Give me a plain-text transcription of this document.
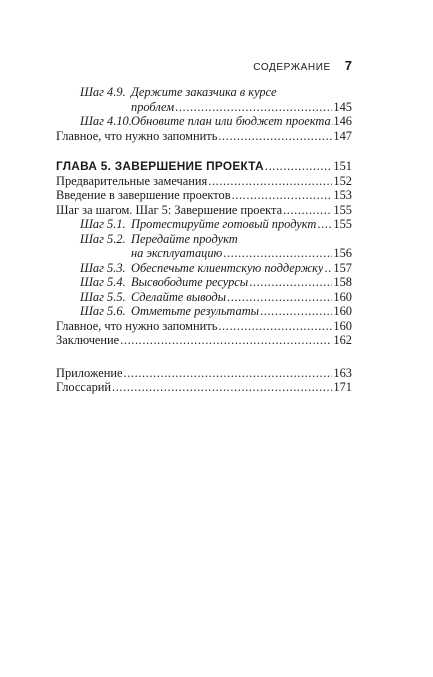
СОДЕРЖАНИЕ 7
Шаг 4.9. Держите заказчика в курсе
проблем .....	145
Шаг 4.10.Обновите план или бюджет проекта ..... 146
Главное, что нужно запомнить .....	147
ГЛАВА 5. ЗАВЕРШЕНИЕ ПРОЕКТА .....	151
Предварительные замечания .....	152
Введение в завершение проектов .....	153
Шаг за шагом. Шаг 5: Завершение проекта .....	155
Шаг 5.1. Протестируйте готовый продукт ..... 155
Шаг 5.2. Передайте продукт
на эксплуатацию .....	156
Шаг 5.3. Обеспечьте клиентскую поддержку ..... 157
Шаг 5.4. Высвободите ресурсы .....	158
Шаг 5.5. Сделайте выводы .....	160
Шаг 5.6. Отметьте результаты .....	160
Главное, что нужно запомнить .....	160
Заключение .....	162
Приложение .....	163
Глоссарий .....	171
